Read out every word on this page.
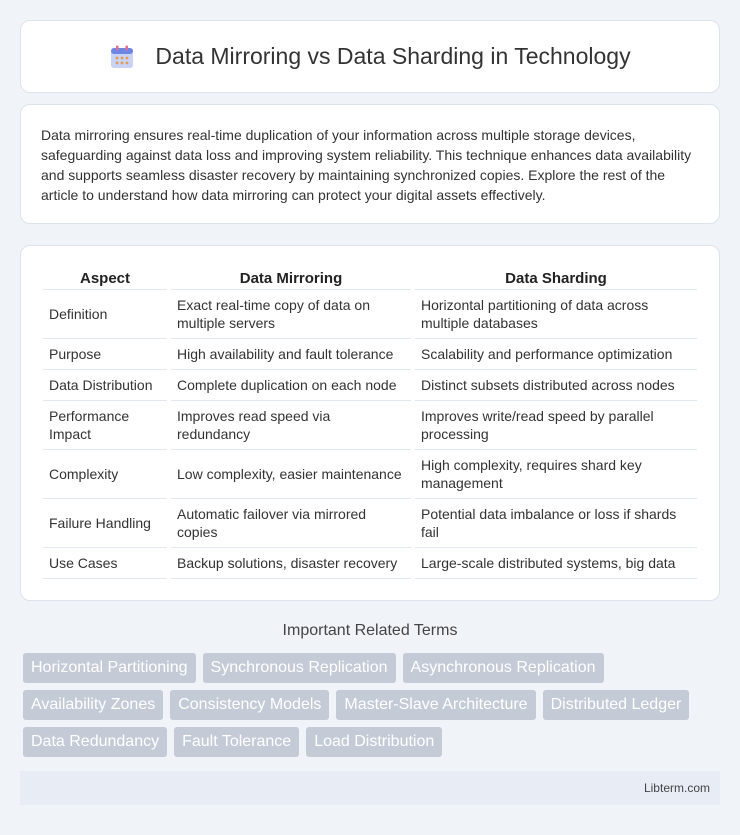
Data Mirroring vs Data Sharding in Technology

Data mirroring ensures real-time duplication of your information across multiple storage devices, safeguarding against data loss and improving system reliability. This technique enhances data availability and supports seamless disaster recovery by maintaining synchronized copies. Explore the rest of the article to understand how data mirroring can protect your digital assets effectively.

Aspect	Data Mirroring	Data Sharding
Definition	Exact real-time copy of data on multiple servers	Horizontal partitioning of data across multiple databases
Purpose	High availability and fault tolerance	Scalability and performance optimization
Data Distribution	Complete duplication on each node	Distinct subsets distributed across nodes
Performance Impact	Improves read speed via redundancy	Improves write/read speed by parallel processing
Complexity	Low complexity, easier maintenance	High complexity, requires shard key management
Failure Handling	Automatic failover via mirrored copies	Potential data imbalance or loss if shards fail
Use Cases	Backup solutions, disaster recovery	Large-scale distributed systems, big data
Important Related Terms
Horizontal Partitioning	Synchronous Replication	Asynchronous Replication
Availability Zones	Consistency Models	Master-Slave Architecture	Distributed Ledger
Data Redundancy	Fault Tolerance	Load Distribution
Libterm.com
